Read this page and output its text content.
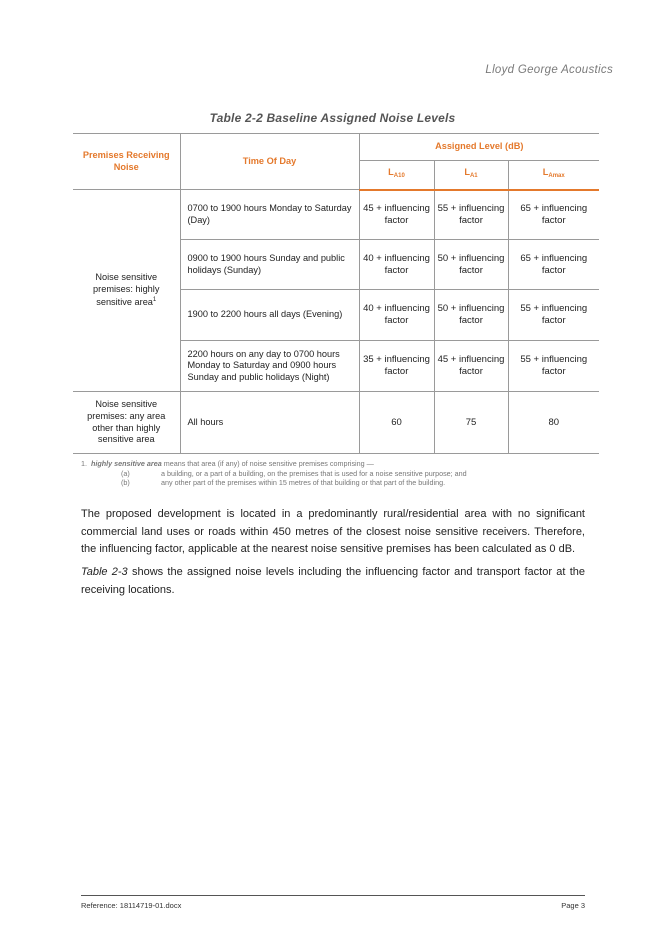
Lloyd George Acoustics
Table 2-2 Baseline Assigned Noise Levels
Premises Receiving Noise	Time Of Day	Assigned Level (dB)		
		$L_{A10}$	$L_{A1}$	$L_{Amax}$
Noise sensitive premises: highly sensitive area$^1$	0700 to 1900 hours Monday to Saturday (Day)	45 + influencing factor	55 + influencing factor	65 + influencing factor
	0900 to 1900 hours Sunday and public holidays (Sunday)	40 + influencing factor	50 + influencing factor	65 + influencing factor
	1900 to 2200 hours all days (Evening)	40 + influencing factor	50 + influencing factor	55 + influencing factor
	2200 hours on any day to 0700 hours Monday to Saturday and 0900 hours Sunday and public holidays (Night)	35 + influencing factor	45 + influencing factor	55 + influencing factor
Noise sensitive premises: any area other than highly sensitive area	All hours	60	75	80
1. highly sensitive area means that area (if any) of noise sensitive premises comprising —
(a)	a building, or a part of a building, on the premises that is used for a noise sensitive purpose; and
(b)	any other part of the premises within 15 metres of that building or that part of the building.
The proposed development is located in a predominantly rural/residential area with no significant commercial land uses or roads within 450 metres of the closest noise sensitive receivers. Therefore, the influencing factor, applicable at the nearest noise sensitive premises has been calculated as 0 dB.
Table 2-3 shows the assigned noise levels including the influencing factor and transport factor at the receiving locations.
Reference: 18114719-01.docx	Page 3
